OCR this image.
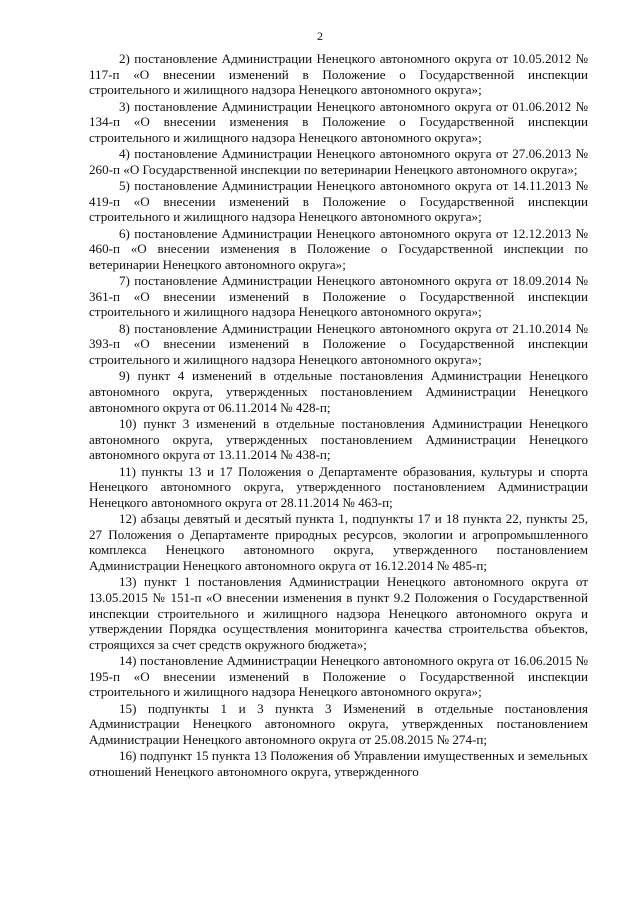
2

2) постановление Администрации Ненецкого автономного округа от 10.05.2012 № 117-п «О внесении изменений в Положение о Государственной инспекции строительного и жилищного надзора Ненецкого автономного округа»;

3) постановление Администрации Ненецкого автономного округа от 01.06.2012 № 134-п «О внесении изменения в Положение о Государственной инспекции строительного и жилищного надзора Ненецкого автономного округа»;

4) постановление Администрации Ненецкого автономного округа от 27.06.2013 № 260-п «О Государственной инспекции по ветеринарии Ненецкого автономного округа»;

5) постановление Администрации Ненецкого автономного округа от 14.11.2013 № 419-п «О внесении изменений в Положение о Государственной инспекции строительного и жилищного надзора Ненецкого автономного округа»;

6) постановление Администрации Ненецкого автономного округа от 12.12.2013 № 460-п «О внесении изменения в Положение о Государственной инспекции по ветеринарии Ненецкого автономного округа»;

7) постановление Администрации Ненецкого автономного округа от 18.09.2014 № 361-п «О внесении изменений в Положение о Государственной инспекции строительного и жилищного надзора Ненецкого автономного округа»;

8) постановление Администрации Ненецкого автономного округа от 21.10.2014 № 393-п «О внесении изменений в Положение о Государственной инспекции строительного и жилищного надзора Ненецкого автономного округа»;

9) пункт 4 изменений в отдельные постановления Администрации Ненецкого автономного округа, утвержденных постановлением Администрации Ненецкого автономного округа от 06.11.2014 № 428-п;

10) пункт 3 изменений в отдельные постановления Администрации Ненецкого автономного округа, утвержденных постановлением Администрации Ненецкого автономного округа от 13.11.2014 № 438-п;

11) пункты 13 и 17 Положения о Департаменте образования, культуры и спорта Ненецкого автономного округа, утвержденного постановлением Администрации Ненецкого автономного округа от 28.11.2014 № 463-п;

12) абзацы девятый и десятый пункта 1, подпункты 17 и 18 пункта 22, пункты 25, 27 Положения о Департаменте природных ресурсов, экологии и агропромышленного комплекса Ненецкого автономного округа, утвержденного постановлением Администрации Ненецкого автономного округа от 16.12.2014 № 485-п;

13) пункт 1 постановления Администрации Ненецкого автономного округа от 13.05.2015 № 151-п «О внесении изменения в пункт 9.2 Положения о Государственной инспекции строительного и жилищного надзора Ненецкого автономного округа и утверждении Порядка осуществления мониторинга качества строительства объектов, строящихся за счет средств окружного бюджета»;

14) постановление Администрации Ненецкого автономного округа от 16.06.2015 № 195-п «О внесении изменений в Положение о Государственной инспекции строительного и жилищного надзора Ненецкого автономного округа»;

15) подпункты 1 и 3 пункта 3 Изменений в отдельные постановления Администрации Ненецкого автономного округа, утвержденных постановлением Администрации Ненецкого автономного округа от 25.08.2015 № 274-п;

16) подпункт 15 пункта 13 Положения об Управлении имущественных и земельных отношений Ненецкого автономного округа, утвержденного
